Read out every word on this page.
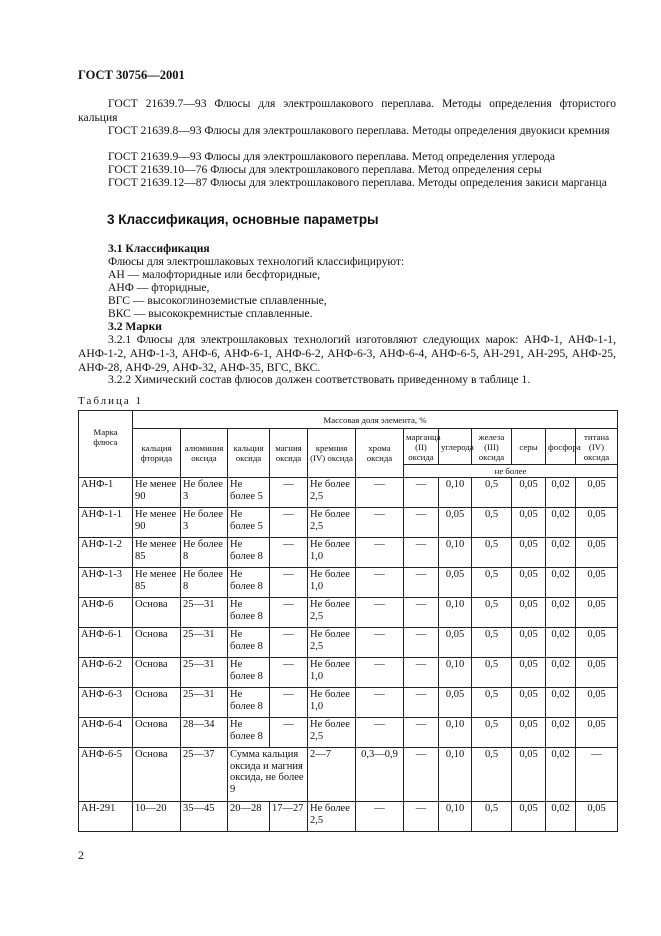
ГОСТ 30756—2001
ГОСТ 21639.7—93 Флюсы для электрошлакового переплава. Методы определения фтористого кальция
ГОСТ 21639.8—93 Флюсы для электрошлакового переплава. Методы определения двуокиси кремния
ГОСТ 21639.9—93 Флюсы для электрошлакового переплава. Метод определения углерода
ГОСТ 21639.10—76 Флюсы для электрошлакового переплава. Метод определения серы
ГОСТ 21639.12—87 Флюсы для электрошлакового переплава. Методы определения закиси марганца
3 Классификация, основные параметры
3.1 Классификация
Флюсы для электрошлаковых технологий классифицируют:
АН — малофторидные или бесфторидные,
АНФ — фторидные,
ВГС — высокоглиноземистые сплавленные,
ВКС — высококремнистые сплавленные.
3.2 Марки
3.2.1 Флюсы для электрошлаковых технологий изготовляют следующих марок: АНФ-1, АНФ-1-1, АНФ-1-2, АНФ-1-3, АНФ-6, АНФ-6-1, АНФ-6-2, АНФ-6-3, АНФ-6-4, АНФ-6-5, АН-291, АН-295, АНФ-25, АНФ-28, АНФ-29, АНФ-32, АНФ-35, ВГС, ВКС.
3.2.2 Химический состав флюсов должен соответствовать приведенному в таблице 1.
Таблица 1
Марка флюса	Массовая доля элемента, %											
	кальция фторида	алюминия оксида	кальция оксида	магния оксида	кремния (IV) оксида	хрома оксида	марганца (II) оксида	углерода	железа (III) оксида	серы	фосфора	титана (IV) оксида
							не более					
АНФ-1	Не менее 90	Не более 3	Не более 5	—	Не более 2,5	—	—	0,10	0,5	0,05	0,02	0,05
АНФ-1-1	Не менее 90	Не более 3	Не более 5	—	Не более 2,5	—	—	0,05	0,5	0,05	0,02	0,05
АНФ-1-2	Не менее 85	Не более 8	Не более 8	—	Не более 1,0	—	—	0,10	0,5	0,05	0,02	0,05
АНФ-1-3	Не менее 85	Не более 8	Не более 8	—	Не более 1,0	—	—	0,05	0,5	0,05	0,02	0,05
АНФ-6	Основа	25—31	Не более 8	—	Не более 2,5	—	—	0,10	0,5	0,05	0,02	0,05
АНФ-6-1	Основа	25—31	Не более 8	—	Не более 2,5	—	—	0,05	0,5	0,05	0,02	0,05
АНФ-6-2	Основа	25—31	Не более 8	—	Не более 1,0	—	—	0,10	0,5	0,05	0,02	0,05
АНФ-6-3	Основа	25—31	Не более 8	—	Не более 1,0	—	—	0,05	0,5	0,05	0,02	0,05
АНФ-6-4	Основа	28—34	Не более 8	—	Не более 2,5	—	—	0,10	0,5	0,05	0,02	0,05
АНФ-6-5	Основа	25—37	Сумма кальция оксида и магния оксида, не более 9		2—7	0,3—0,9	—	0,10	0,5	0,05	0,02	—
АН-291	10—20	35—45	20—28	17—27	Не более 2,5	—	—	0,10	0,5	0,05	0,02	0,05
2
